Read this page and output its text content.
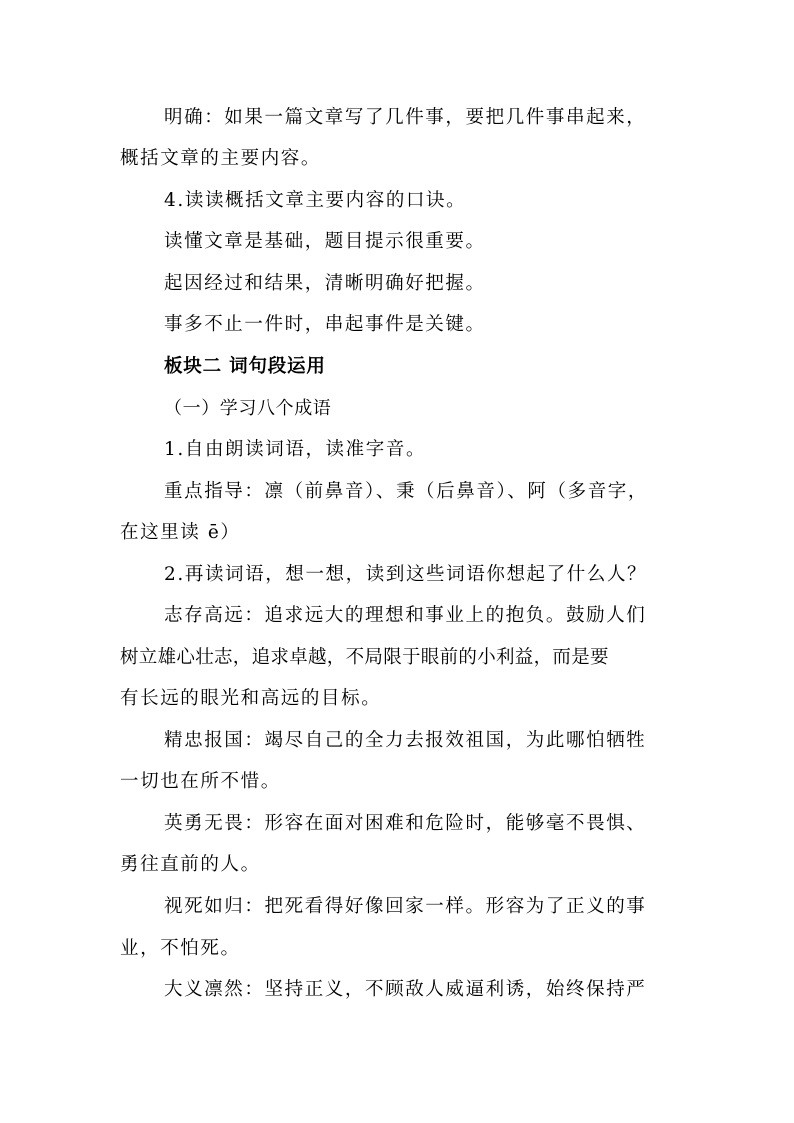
明确：如果一篇文章写了几件事，要把几件事串起来，
概括文章的主要内容。
4.读读概括文章主要内容的口诀。
读懂文章是基础，题目提示很重要。
起因经过和结果，清晰明确好把握。
事多不止一件时，串起事件是关键。
板块二 词句段运用
（一）学习八个成语
1.自由朗读词语，读准字音。
重点指导：凛（前鼻音）、秉（后鼻音）、阿（多音字，
在这里读 ē）
2.再读词语，想一想，读到这些词语你想起了什么人？
志存高远：追求远大的理想和事业上的抱负。鼓励人们
树立雄心壮志，追求卓越，不局限于眼前的小利益，而是要
有长远的眼光和高远的目标。
精忠报国：竭尽自己的全力去报效祖国，为此哪怕牺牲
一切也在所不惜。
英勇无畏：形容在面对困难和危险时，能够毫不畏惧、
勇往直前的人。
视死如归：把死看得好像回家一样。形容为了正义的事
业，不怕死。
大义凛然：坚持正义，不顾敌人威逼利诱，始终保持严
